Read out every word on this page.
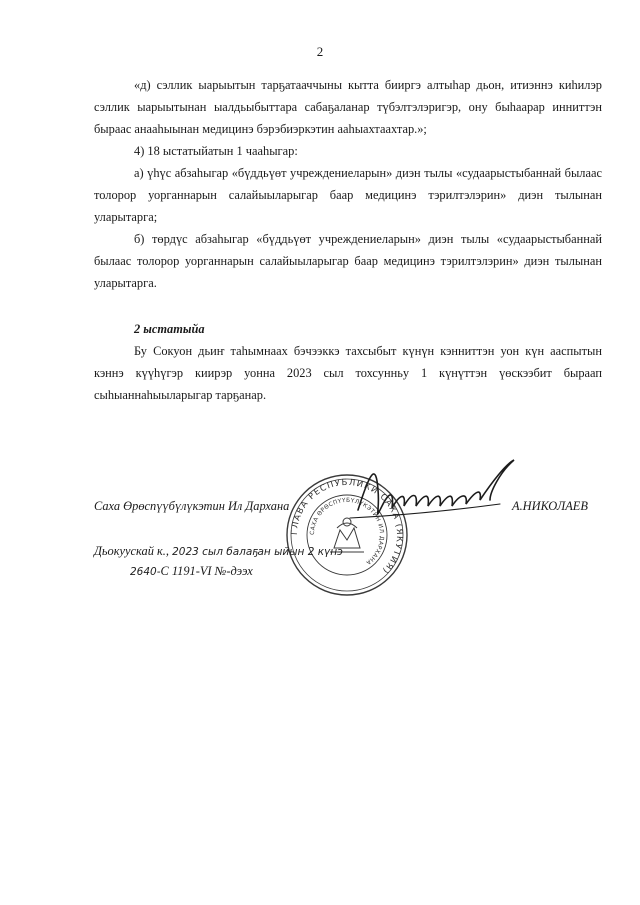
2

«д) сэллик ыарыытын тарҕатааччыны кытта бииргэ алтыһар дьон, итиэннэ киһилэр сэллик ыарыытынан ыалдьыбыттара сабаҕаланар түбэлтэлэригэр, ону быһаарар инниттэн быраас анааһыынан медицинэ бэрэбиэркэтин ааһыахтаахтар.»;

4) 18 ыстатыйатын 1 чааһыгар:

а) үһүс абзаһыгар «бүддьүөт учреждениеларын» диэн тылы «судаарыстыбаннай былаас толорор уорганнарын салайыыларыгар баар медицинэ тэрилтэлэрин» диэн тылынан уларытарга;

б) төрдүс абзаһыгар «бүддьүөт учреждениеларын» диэн тылы «судаарыстыбаннай былаас толорор уорганнарын салайыыларыгар баар медицинэ тэрилтэлэрин» диэн тылынан уларытарга.

2 ыстатыйа

Бу Сокуон дьиҥ таһымнаах бэчээккэ тахсыбыт күнүн кэнниттэн уон күн ааспытын кэннэ күүһүгэр киирэр уонна 2023 сыл тохсунньу 1 күнүттэн үөскээбит быраап сыһыаннаһыыларыгар тарҕанар.

ГЛАВА РЕСПУБЛИКИ САХА (ЯКУТИЯ)
САХА ӨРӨСПҮҮБҮЛҮКЭТИН ИЛ ДАРХАНА
Саха Өрөспүүбүлүкэтин Ил Дархана	А.НИКОЛАЕВ
Дьокуускай к., 2023 сыл балаҕан ыйын 2 күнэ
2640-С 1191-VI №-дээх
